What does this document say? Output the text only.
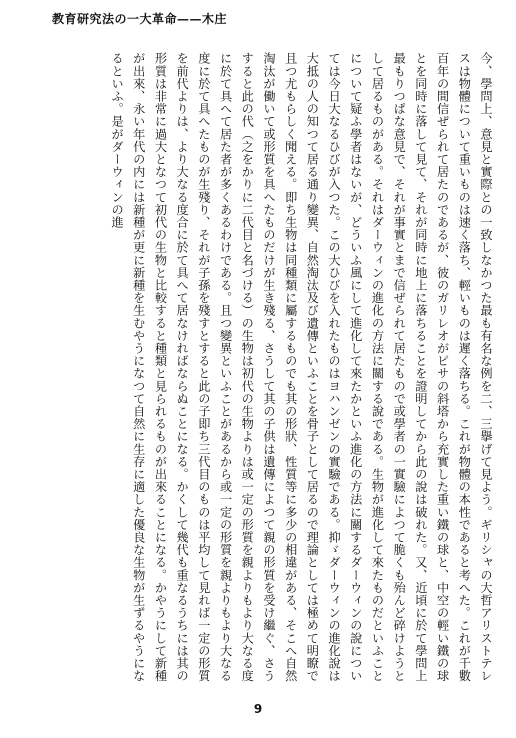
教育研究法の一大革命——木庄

今、學問上、意見と實際との一致しなかつた最も有名な例を二、三擧げて見よう。ギリシャの大哲アリストテレスは物體について重いものは速く落ち、輕いものは遲く落ちる。これが物體の本性であると考へた。これが千數百年の間信ぜられて居たのであるが、彼のガリレオがピサの斜塔から充實した重い鐵の球と、中空の輕い鐵の球とを同時に落して見て、それが同時に地上に落ちることを證明してから此の說は破れた。又、近頃に於て學問上最もりつぱな意見で、それが事實とまで信ぜられて居たもので或學者の一實驗によつて脆くも殆んど碎けようとして居るものがある。それはダーウィンの進化の方法に關する說である。生物が進化して來たものだといふことについて疑ふ學者はないが、どういふ風にして進化して來たかといふ進化の方法に關するダーウィンの說につい ては今日大なるひびが入つた。この大ひびを入れたものはヨハンゼンの實驗である。抑ゞダーウィンの進化說は大抵の人の知つて居る通り變異、自然淘汰及び遺傳といふことを骨子として居るので理論としては極めて明瞭で且つ尤もらしく聞える。即ち生物は同種類に屬するものでも其の形狀、性質等に多少の相違がある、そこへ自然淘汰が働いて或形質を具へたものだけが生き殘る、さうして其の子供は遺傳によつて親の形質を受け繼ぐ、さうすると此の代（之をかりに二代目と名づける）の生物は初代の生物よりは或一定の形質を親よりもより大なる度に於て具へて居た者が多くあるわけである。且つ變異といふことがあるから或一定の形質を親よりもより大なる度に於て具へたものが生殘り、それが子孫を殘すとすると此の子即ち三代目のものは平均して見れば一定の形質を前代よりは、より大なる度合に於て具へて居なければならぬことになる。かくして幾代も重なるうちには其の形質は非常に過大となつて初代の生物と比較すると種類と見られるものが出來ることになる。かやうにして新種が出來、永い年代の内には新種が更に新種を生むやうになつて自然に生存に適した優良な生物が生ずるやうになるといふ。是がダーウィンの進

9
